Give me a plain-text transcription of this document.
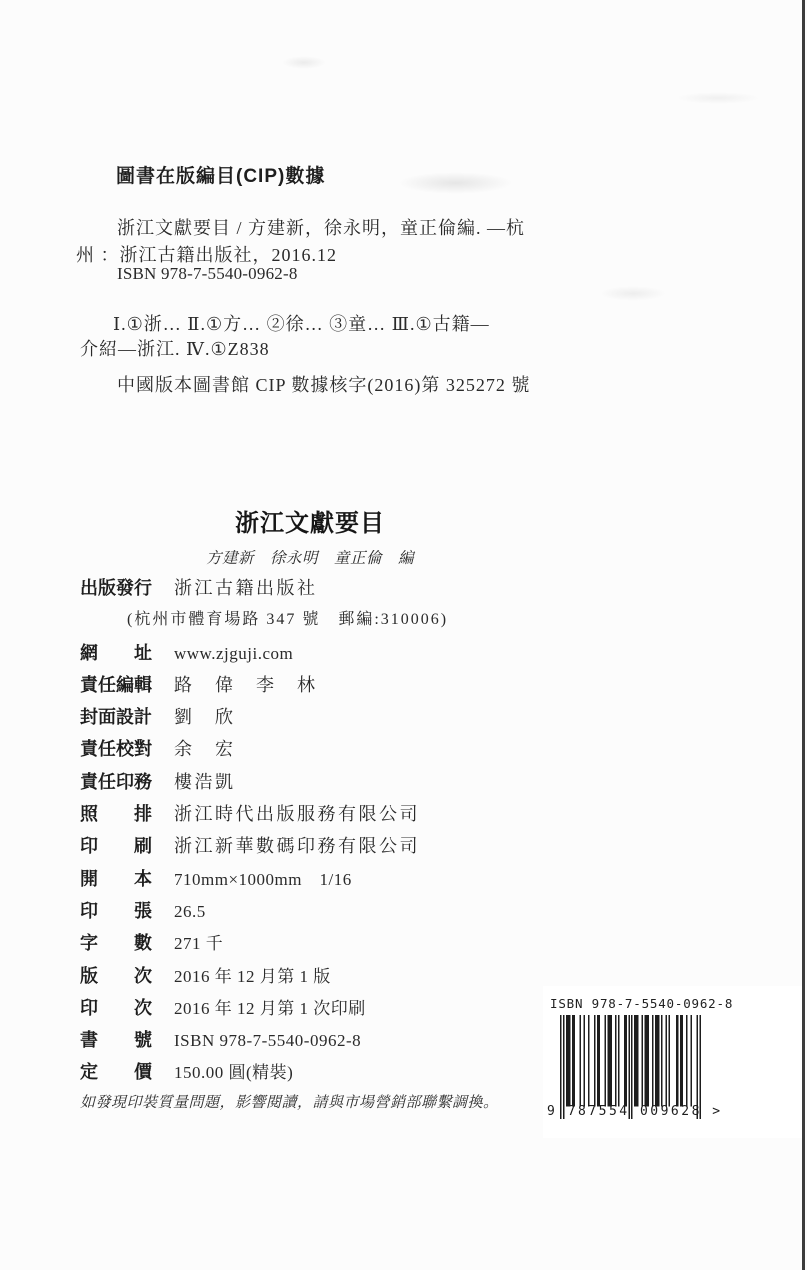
圖書在版編目(CIP)數據
浙江文獻要目 / 方建新，徐永明，童正倫編. —杭
州 ：浙江古籍出版社，2016.12
ISBN 978-7-5540-0962-8
Ⅰ.①浙… Ⅱ.①方… ②徐… ③童… Ⅲ.①古籍—
介紹—浙江. Ⅳ.①Z838
中國版本圖書館 CIP 數據核字(2016)第 325272 號
浙江文獻要目
方建新　徐永明　童正倫　編
出版發行 浙江古籍出版社
(杭州市體育場路 347 號　郵編:310006)
網　　址 www.zjguji.com
責任編輯 路　偉　李　林
封面設計 劉　欣
責任校對 余　宏
責任印務 樓浩凱
照　　排 浙江時代出版服務有限公司
印　　刷 浙江新華數碼印務有限公司
開　　本 710mm×1000mm　1/16
印　　張 26.5
字　　數 271 千
版　　次 2016 年 12 月第 1 版
印　　次 2016 年 12 月第 1 次印刷
書　　號 ISBN 978-7-5540-0962-8
定　　價 150.00 圓(精裝)
如發現印裝質量問題，影響閱讀，請與市場營銷部聯繫調換。
ISBN 978-7-5540-0962-8
9 787554 009628 >
